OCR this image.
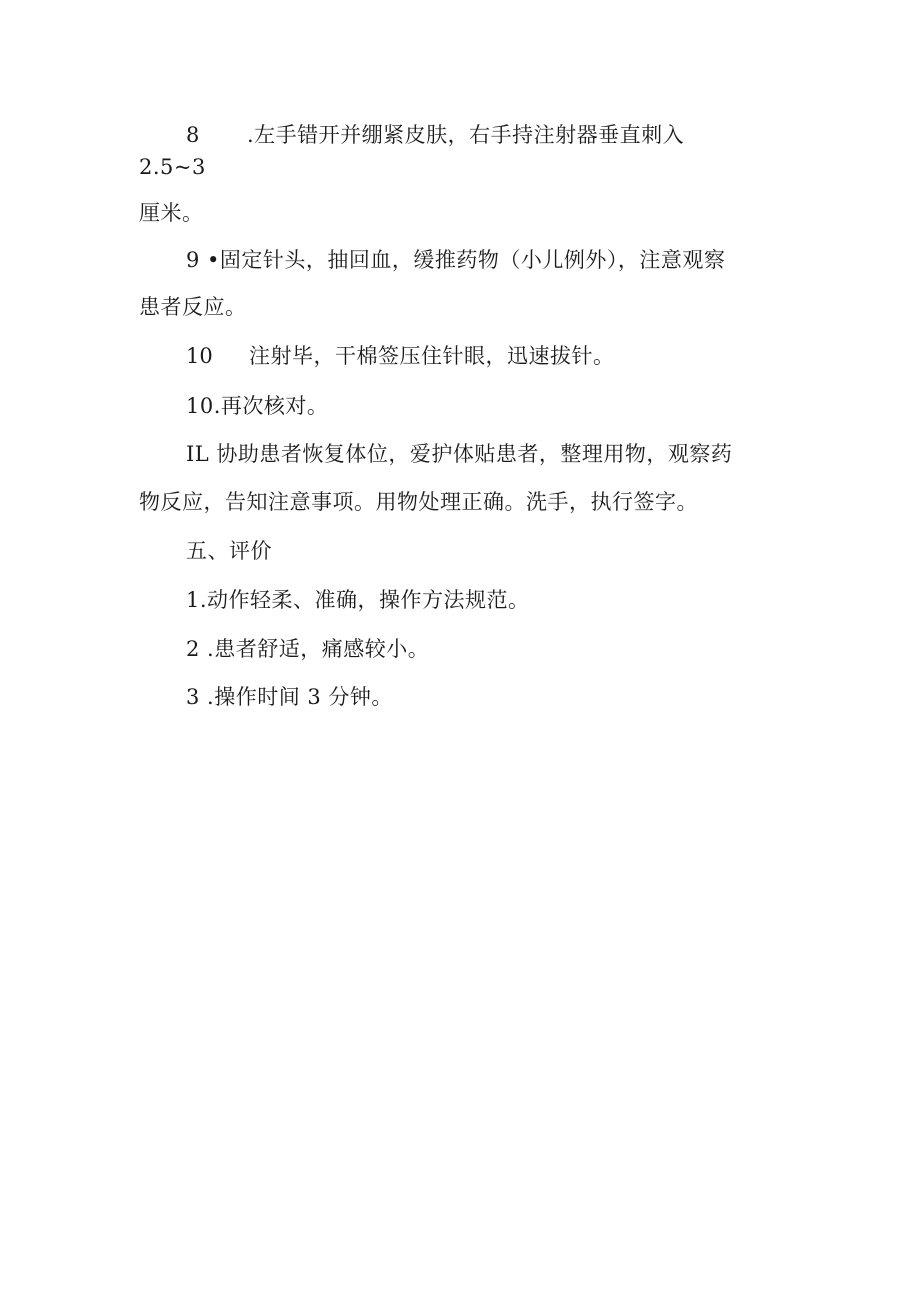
8 .左手错开并绷紧皮肤，右手持注射器垂直刺入
2.5~3
厘米。
9 •固定针头，抽回血，缓推药物（小儿例外），注意观察
患者反应。
10 注射毕，干棉签压住针眼，迅速拔针。
10.再次核对。
IL 协助患者恢复体位，爱护体贴患者，整理用物，观察药
物反应，告知注意事项。用物处理正确。洗手，执行签字。
五、评价
1.动作轻柔、准确，操作方法规范。
2 .患者舒适，痛感较小。
3 .操作时间 3 分钟。
